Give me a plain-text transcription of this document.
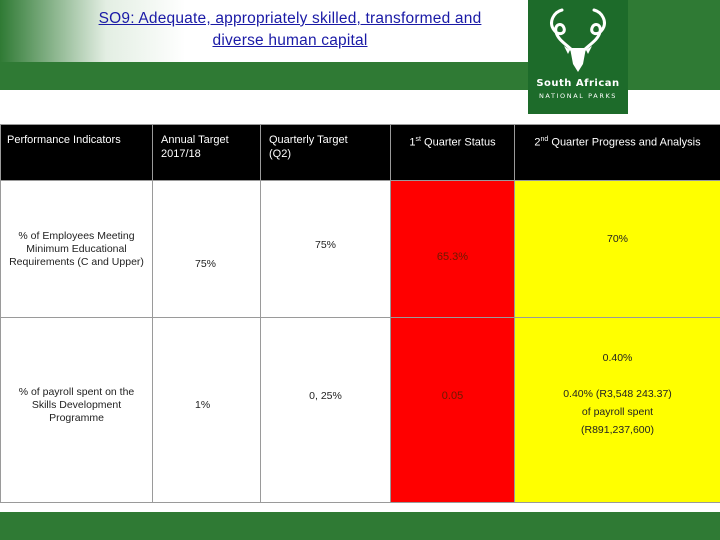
SO9: Adequate, appropriately skilled, transformed and
diverse human capital
South African
NATIONAL PARKS
Performance Indicators	Annual Target 2017/18	Quarterly Target (Q2)	1st Quarter Status	2nd Quarter Progress and Analysis

% of Employees Meeting Minimum Educational Requirements (C and Upper)	75%	75%	65.3%	70%

% of payroll spent on the Skills Development Programme	1%	0, 25%	0.05	0.40%
0.40% (R3,548 243.37)
of payroll spent
(R891,237,600)
